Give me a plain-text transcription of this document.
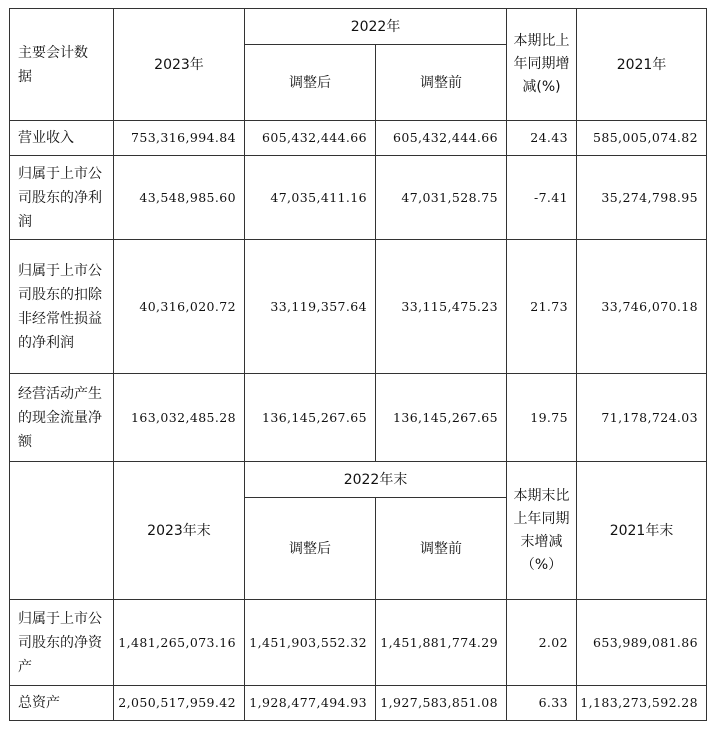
主要会计数据	2023年	2022年		本期比上年同期增减(%)	2021年
		调整后	调整前		
营业收入	753,316,994.84	605,432,444.66	605,432,444.66	24.43	585,005,074.82
归属于上市公司股东的净利润	43,548,985.60	47,035,411.16	47,031,528.75	-7.41	35,274,798.95
归属于上市公司股东的扣除非经常性损益的净利润	40,316,020.72	33,119,357.64	33,115,475.23	21.73	33,746,070.18
经营活动产生的现金流量净额	163,032,485.28	136,145,267.65	136,145,267.65	19.75	71,178,724.03
	2023年末	2022年末		本期末比上年同期末增减（%）	2021年末
		调整后	调整前		
归属于上市公司股东的净资产	1,481,265,073.16	1,451,903,552.32	1,451,881,774.29	2.02	653,989,081.86
总资产	2,050,517,959.42	1,928,477,494.93	1,927,583,851.08	6.33	1,183,273,592.28
